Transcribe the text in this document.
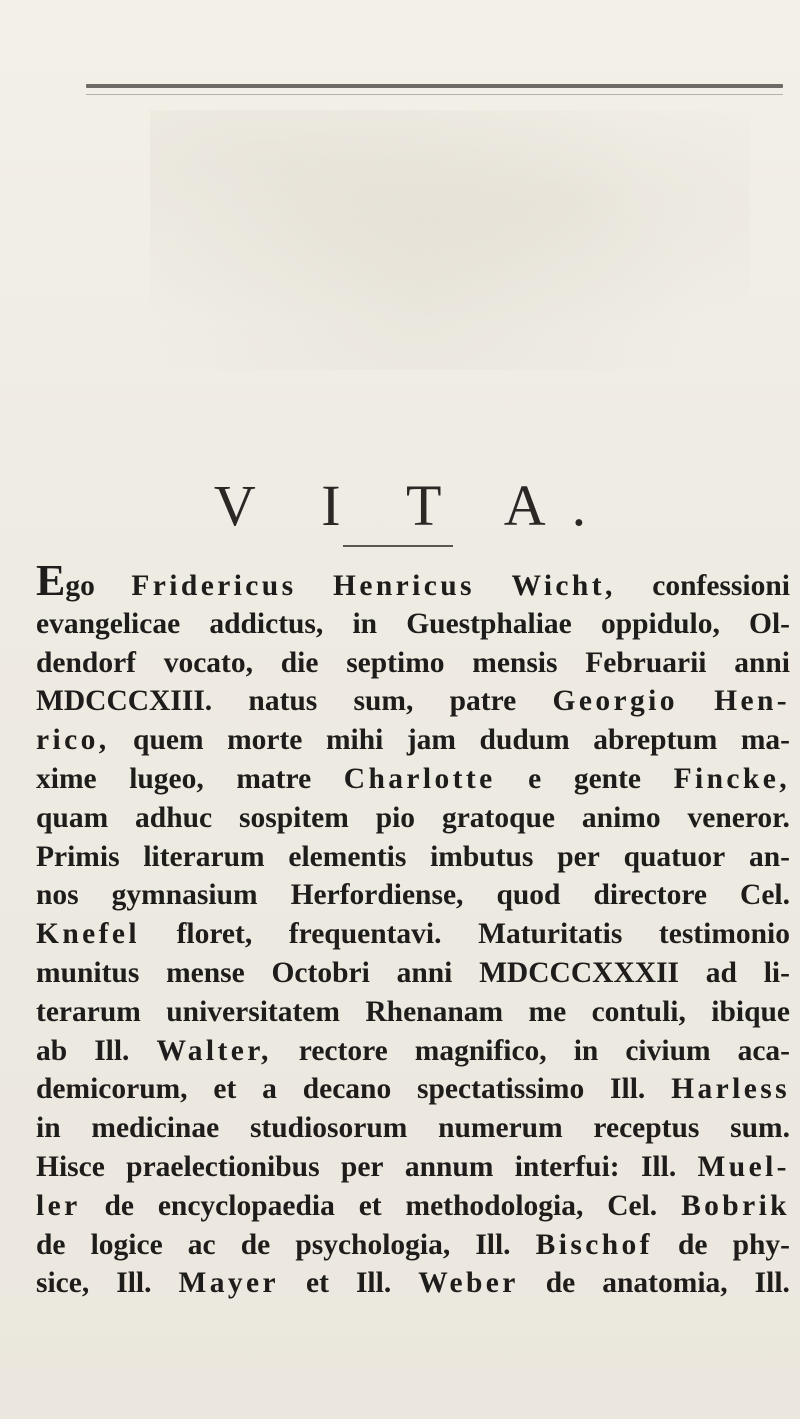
V I T A.
Ego Fridericus Henricus Wicht, confessioni
evangelicae addictus, in Guestphaliae oppidulo, Ol-
dendorf vocato, die septimo mensis Februarii anni
MDCCCXIII. natus sum, patre Georgio Hen-
rico, quem morte mihi jam dudum abreptum ma-
xime lugeo, matre Charlotte e gente Fincke,
quam adhuc sospitem pio gratoque animo veneror.
Primis literarum elementis imbutus per quatuor an-
nos gymnasium Herfordiense, quod directore Cel.
Knefel floret, frequentavi. Maturitatis testimonio
munitus mense Octobri anni MDCCCXXXII ad li-
terarum universitatem Rhenanam me contuli, ibique
ab Ill. Walter, rectore magnifico, in civium aca-
demicorum, et a decano spectatissimo Ill. Harless
in medicinae studiosorum numerum receptus sum.
Hisce praelectionibus per annum interfui: Ill. Muel-
ler de encyclopaedia et methodologia, Cel. Bobrik
de logice ac de psychologia, Ill. Bischof de phy-
sice, Ill. Mayer et Ill. Weber de anatomia, Ill.
